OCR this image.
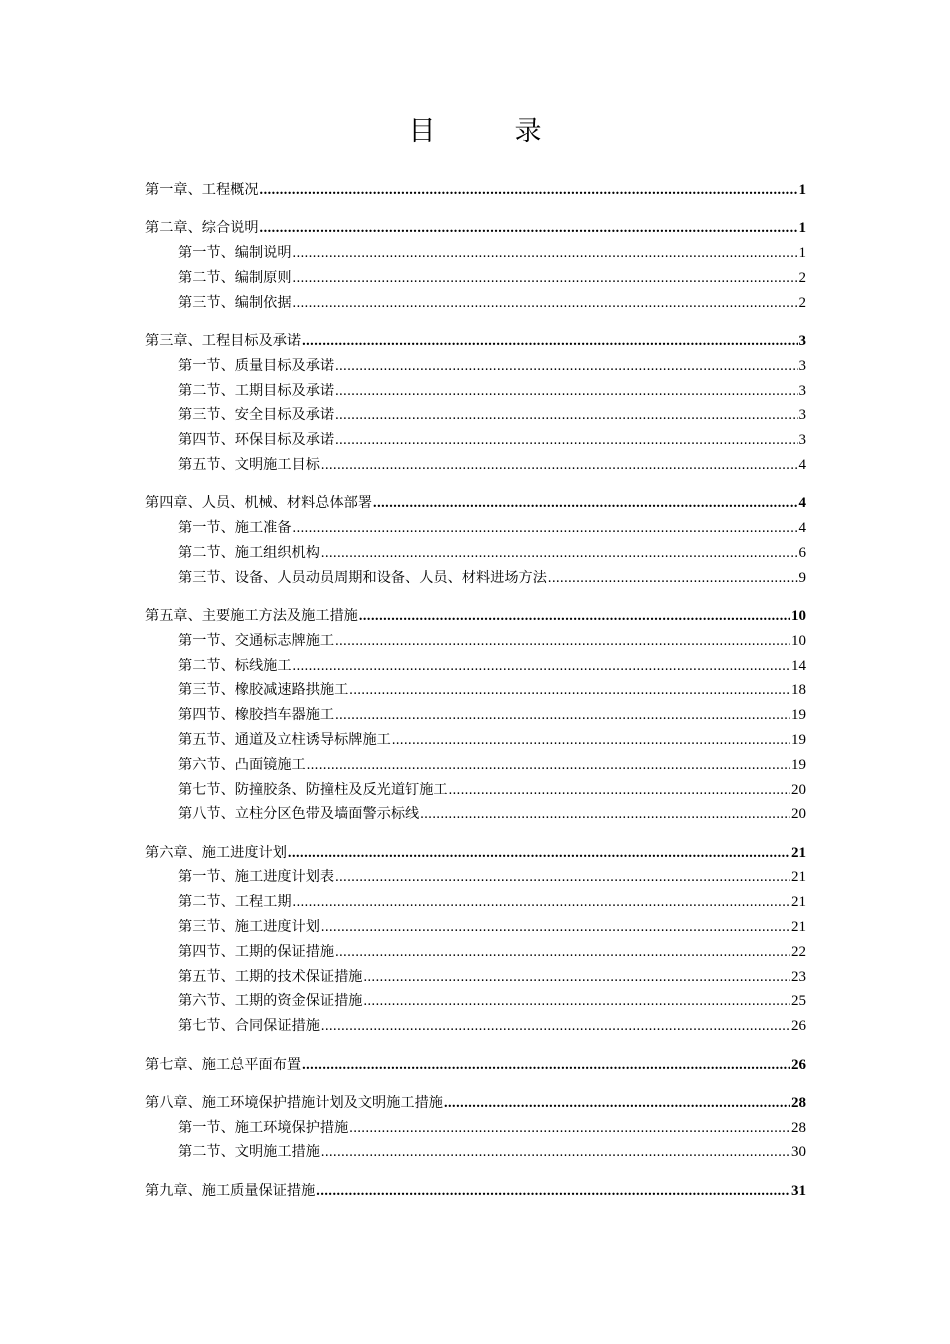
目　录
第一章、工程概况 .....	1
第二章、综合说明 .....	1
第一节、编制说明 .....	1
第二节、编制原则 .....	2
第三节、编制依据 .....	2
第三章、工程目标及承诺 .....	3
第一节、质量目标及承诺 .....	3
第二节、工期目标及承诺 .....	3
第三节、安全目标及承诺 .....	3
第四节、环保目标及承诺 .....	3
第五节、文明施工目标 .....	4
第四章、人员、机械、材料总体部署 .....	4
第一节、施工准备 .....	4
第二节、施工组织机构 .....	6
第三节、设备、人员动员周期和设备、人员、材料进场方法 .....	9
第五章、主要施工方法及施工措施 .....	10
第一节、交通标志牌施工 .....	10
第二节、标线施工 .....	14
第三节、橡胶减速路拱施工 .....	18
第四节、橡胶挡车器施工 .....	19
第五节、通道及立柱诱导标牌施工 .....	19
第六节、凸面镜施工 .....	19
第七节、防撞胶条、防撞柱及反光道钉施工 .....	20
第八节、立柱分区色带及墙面警示标线 .....	20
第六章、施工进度计划 .....	21
第一节、施工进度计划表 .....	21
第二节、工程工期 .....	21
第三节、施工进度计划 .....	21
第四节、工期的保证措施 .....	22
第五节、工期的技术保证措施 .....	23
第六节、工期的资金保证措施 .....	25
第七节、合同保证措施 .....	26
第七章、施工总平面布置 .....	26
第八章、施工环境保护措施计划及文明施工措施 .....	28
第一节、施工环境保护措施 .....	28
第二节、文明施工措施 .....	30
第九章、施工质量保证措施 .....	31
